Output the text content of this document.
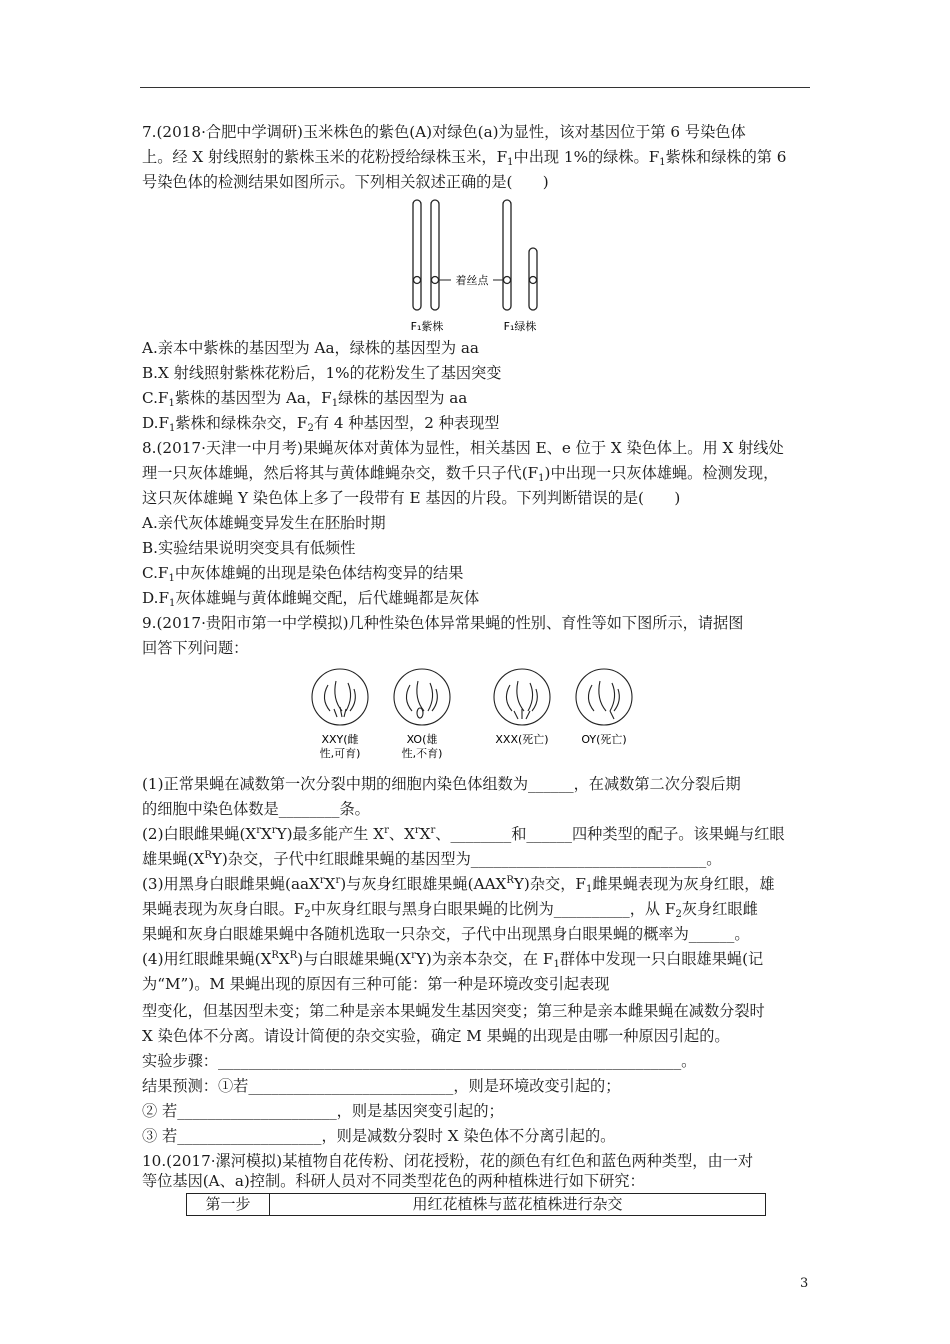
7.(2018·合肥中学调研)玉米株色的紫色(A)对绿色(a)为显性，该对基因位于第 6 号染色体
上。经 X 射线照射的紫株玉米的花粉授给绿株玉米，$F_1$中出现 1%的绿株。$F_1$紫株和绿株的第 6
号染色体的检测结果如图所示。下列相关叙述正确的是(　　)
着丝点
F₁紫株	F₁绿株
A.亲本中紫株的基因型为 Aa，绿株的基因型为 aa
B.X 射线照射紫株花粉后，1%的花粉发生了基因突变
$C.F_1$紫株的基因型为 Aa，$F_1$绿株的基因型为 aa
$D.F_1$紫株和绿株杂交，$F_2$有 4 种基因型，2 种表现型
8.(2017·天津一中月考)果蝇灰体对黄体为显性，相关基因 E、e 位于 X 染色体上。用 X 射线处
理一只灰体雄蝇，然后将其与黄体雌蝇杂交，数千只子代$(F_1)$中出现一只灰体雄蝇。检测发现，
这只灰体雄蝇 Y 染色体上多了一段带有 E 基因的片段。下列判断错误的是(　　)
A.亲代灰体雄蝇变异发生在胚胎时期
B.实验结果说明突变具有低频性
$C.F_1$中灰体雄蝇的出现是染色体结构变异的结果
$D.F_1$灰体雄蝇与黄体雌蝇交配，后代雄蝇都是灰体
9.(2017·贵阳市第一中学模拟)几种性染色体异常果蝇的性别、育性等如下图所示，请据图
回答下列问题：
XXY(雌
性,可育)
XO(雄
性,不育)
XXX(死亡)	OY(死亡)
(1)正常果蝇在减数第一次分裂中期的细胞内染色体组数为______，在减数第二次分裂后期
的细胞中染色体数是________条。
(2)白眼雌果蝇$(X^rX^rY)$最多能产生 $X^r$、$X^rX^r$、________和______四种类型的配子。该果蝇与红眼
雄果蝇$(X^RY)$杂交，子代中红眼雌果蝇的基因型为_______________________________。
(3)用黑身白眼雌果蝇$(aaX^rX^r)$与灰身红眼雄果蝇$(AAX^RY)$杂交，$F_1$雌果蝇表现为灰身红眼，雄
果蝇表现为灰身白眼。$F_2$中灰身红眼与黑身白眼果蝇的比例为__________，从 $F_2$灰身红眼雌
果蝇和灰身白眼雄果蝇中各随机选取一只杂交，子代中出现黑身白眼果蝇的概率为______。
(4)用红眼雌果蝇$(X^RX^R)$与白眼雄果蝇$(X^rY)$为亲本杂交，在 $F_1$群体中发现一只白眼雄果蝇(记
为“M”)。M 果蝇出现的原因有三种可能：第一种是环境改变引起表现
型变化，但基因型未变；第二种是亲本果蝇发生基因突变；第三种是亲本雌果蝇在减数分裂时
X 染色体不分离。请设计简便的杂交实验，确定 M 果蝇的出现是由哪一种原因引起的。
实验步骤：_____________________________________________________________。
结果预测：①若___________________________，则是环境改变引起的；
② 若_____________________，则是基因突变引起的；
③ 若___________________，则是减数分裂时 X 染色体不分离引起的。
10.(2017·漯河模拟)某植物自花传粉、闭花授粉，花的颜色有红色和蓝色两种类型，由一对
等位基因(A、a)控制。科研人员对不同类型花色的两种植株进行如下研究：
第一步	用红花植株与蓝花植株进行杂交
3
